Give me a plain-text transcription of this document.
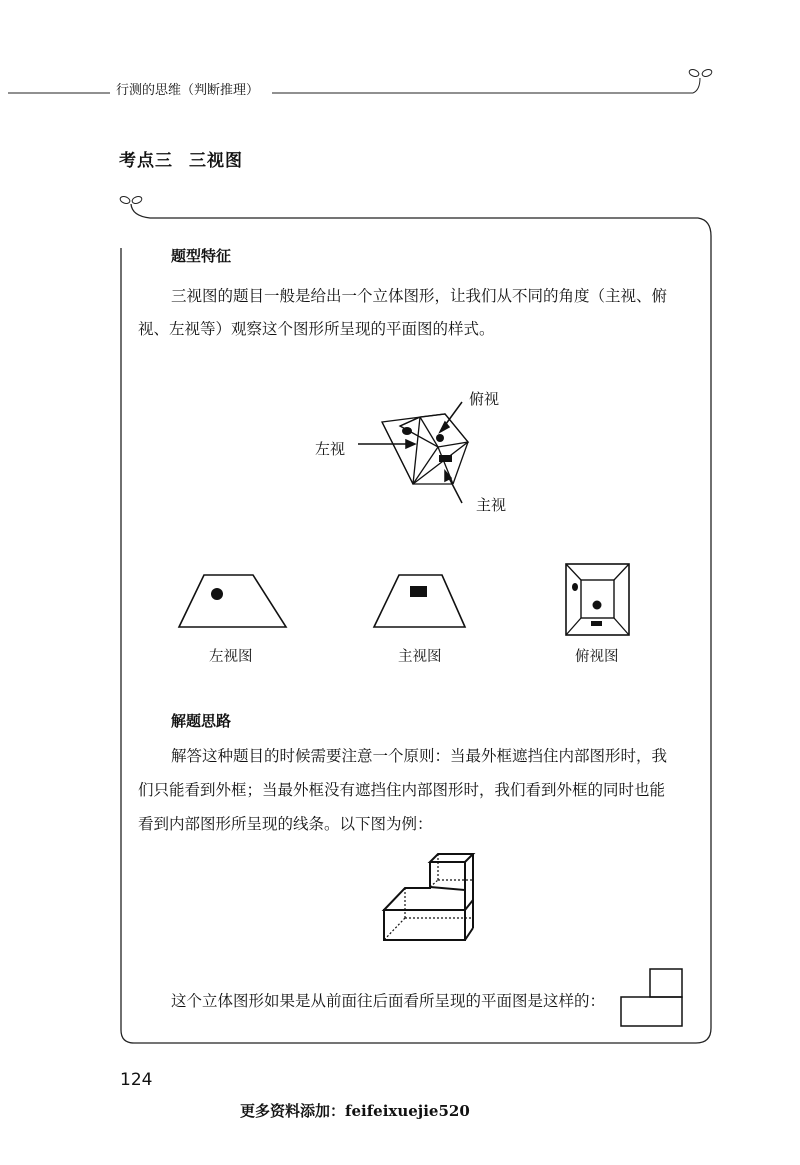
行测的思维（判断推理）
考点三 三视图
题型特征
三视图的题目一般是给出一个立体图形，让我们从不同的角度（主视、俯
视、左视等）观察这个图形所呈现的平面图的样式。
俯视
左视
主视
左视图	主视图	俯视图
解题思路
解答这种题目的时候需要注意一个原则：当最外框遮挡住内部图形时，我
们只能看到外框；当最外框没有遮挡住内部图形时，我们看到外框的同时也能
看到内部图形所呈现的线条。以下图为例：
这个立体图形如果是从前面往后面看所呈现的平面图是这样的：
124
更多资料添加：feifeixuejie520
